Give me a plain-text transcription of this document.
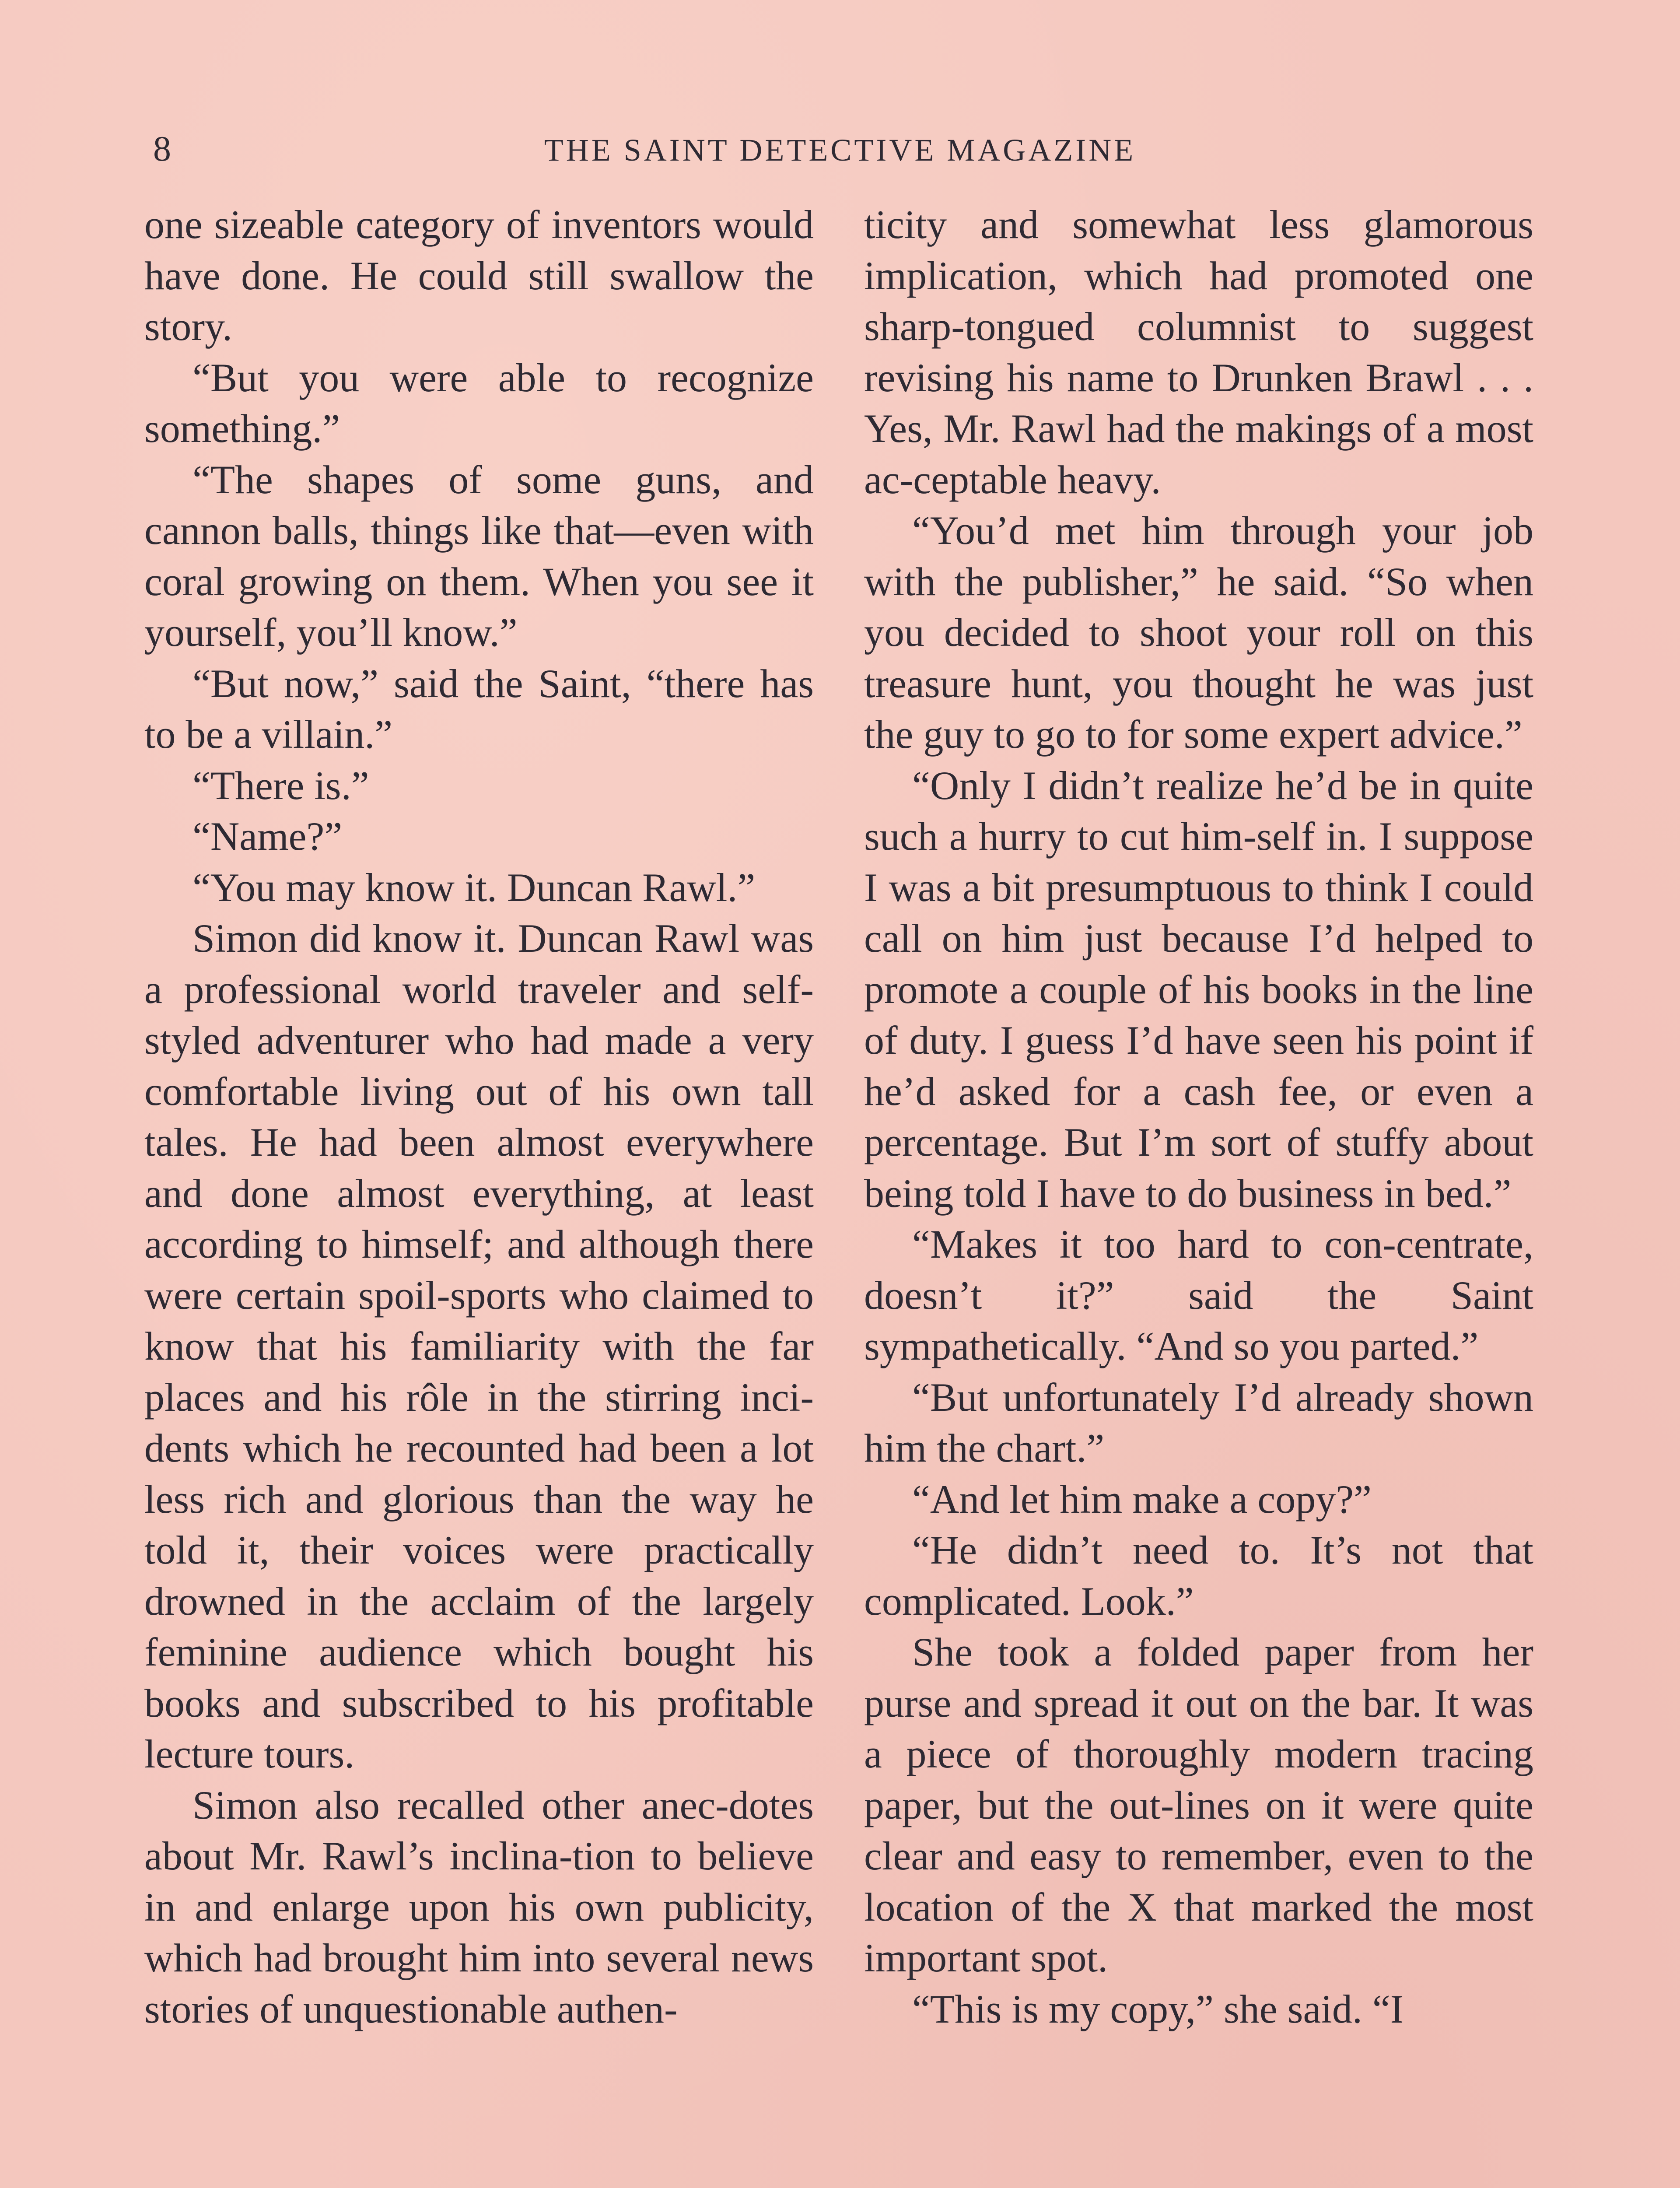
8	THE SAINT DETECTIVE MAGAZINE

one sizeable category of inventors would have done. He could still swallow the story.

“But you were able to recognize something.”

“The shapes of some guns, and cannon balls, things like that—even with coral growing on them. When you see it yourself, you’ll know.”

“But now,” said the Saint, “there has to be a villain.”

“There is.”

“Name?”

“You may know it. Duncan Rawl.”

Simon did know it. Duncan Rawl was a professional world traveler and self-styled adventurer who had made a very comfortable living out of his own tall tales. He had been almost everywhere and done almost everything, at least according to himself; and although there were certain spoil-sports who claimed to know that his familiarity with the far places and his rôle in the stirring inci-dents which he recounted had been a lot less rich and glorious than the way he told it, their voices were practically drowned in the acclaim of the largely feminine audience which bought his books and subscribed to his profitable lecture tours.

Simon also recalled other anec-dotes about Mr. Rawl’s inclina-tion to believe in and enlarge upon his own publicity, which had brought him into several news stories of unquestionable authen-

ticity and somewhat less glamorous implication, which had promoted one sharp-tongued columnist to suggest revising his name to Drunken Brawl . . . Yes, Mr. Rawl had the makings of a most ac-ceptable heavy.

“You’d met him through your job with the publisher,” he said. “So when you decided to shoot your roll on this treasure hunt, you thought he was just the guy to go to for some expert advice.”

“Only I didn’t realize he’d be in quite such a hurry to cut him-self in. I suppose I was a bit presumptuous to think I could call on him just because I’d helped to promote a couple of his books in the line of duty. I guess I’d have seen his point if he’d asked for a cash fee, or even a percentage. But I’m sort of stuffy about being told I have to do business in bed.”

“Makes it too hard to con-centrate, doesn’t it?” said the Saint sympathetically. “And so you parted.”

“But unfortunately I’d already shown him the chart.”

“And let him make a copy?”

“He didn’t need to. It’s not that complicated. Look.”

She took a folded paper from her purse and spread it out on the bar. It was a piece of thoroughly modern tracing paper, but the out-lines on it were quite clear and easy to remember, even to the location of the X that marked the most important spot.

“This is my copy,” she said. “I
